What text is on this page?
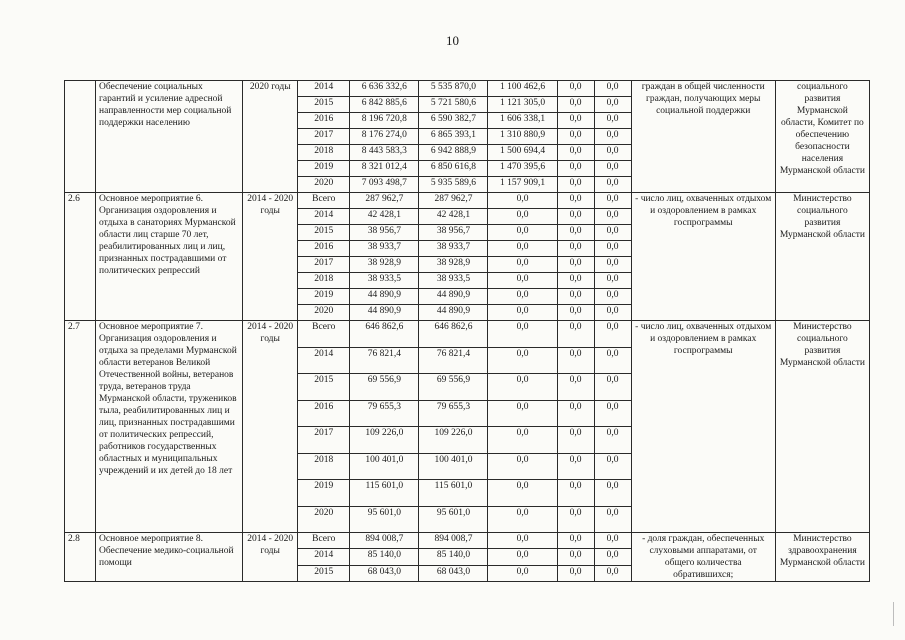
10
	Обеспечение социальных гарантий и усиление адресной направленности мер социальной поддержки населению	2020 годы	2014	6 636 332,6	5 535 870,0	1 100 462,6	0,0	0,0	граждан в общей численности граждан, получающих меры социальной поддержки	социального развития Мурманской области, Комитет по обеспечению безопасности населения Мурманской области
			2015	6 842 885,6	5 721 580,6	1 121 305,0	0,0	0,0		
			2016	8 196 720,8	6 590 382,7	1 606 338,1	0,0	0,0		
			2017	8 176 274,0	6 865 393,1	1 310 880,9	0,0	0,0		
			2018	8 443 583,3	6 942 888,9	1 500 694,4	0,0	0,0		
			2019	8 321 012,4	6 850 616,8	1 470 395,6	0,0	0,0		
			2020	7 093 498,7	5 935 589,6	1 157 909,1	0,0	0,0		
2.6	Основное мероприятие 6. Организация оздоровления и отдыха в санаториях Мурманской области лиц старше 70 лет, реабилитированных лиц и лиц, признанных пострадавшими от политических репрессий	2014 - 2020 годы	Всего	287 962,7	287 962,7	0,0	0,0	0,0	- число лиц, охваченных отдыхом и оздоровлением в рамках госпрограммы	Министерство социального развития Мурманской области
			2014	42 428,1	42 428,1	0,0	0,0	0,0		
			2015	38 956,7	38 956,7	0,0	0,0	0,0		
			2016	38 933,7	38 933,7	0,0	0,0	0,0		
			2017	38 928,9	38 928,9	0,0	0,0	0,0		
			2018	38 933,5	38 933,5	0,0	0,0	0,0		
			2019	44 890,9	44 890,9	0,0	0,0	0,0		
			2020	44 890,9	44 890,9	0,0	0,0	0,0		
2.7	Основное мероприятие 7. Организация оздоровления и отдыха за пределами Мурманской области ветеранов Великой Отечественной войны, ветеранов труда, ветеранов труда Мурманской области, тружеников тыла, реабилитированных лиц и лиц, признанных пострадавшими от политических репрессий, работников государственных областных и муниципальных учреждений и их детей до 18 лет	2014 - 2020 годы	Всего	646 862,6	646 862,6	0,0	0,0	0,0	- число лиц, охваченных отдыхом и оздоровлением в рамках госпрограммы	Министерство социального развития Мурманской области
			2014	76 821,4	76 821,4	0,0	0,0	0,0		
			2015	69 556,9	69 556,9	0,0	0,0	0,0		
			2016	79 655,3	79 655,3	0,0	0,0	0,0		
			2017	109 226,0	109 226,0	0,0	0,0	0,0		
			2018	100 401,0	100 401,0	0,0	0,0	0,0		
			2019	115 601,0	115 601,0	0,0	0,0	0,0		
			2020	95 601,0	95 601,0	0,0	0,0	0,0		
2.8	Основное мероприятие 8. Обеспечение медико-социальной помощи	2014 - 2020 годы	Всего	894 008,7	894 008,7	0,0	0,0	0,0	- доля граждан, обеспеченных слуховыми аппаратами, от общего количества обратившихся;	Министерство здравоохранения Мурманской области
			2014	85 140,0	85 140,0	0,0	0,0	0,0		
			2015	68 043,0	68 043,0	0,0	0,0	0,0		
